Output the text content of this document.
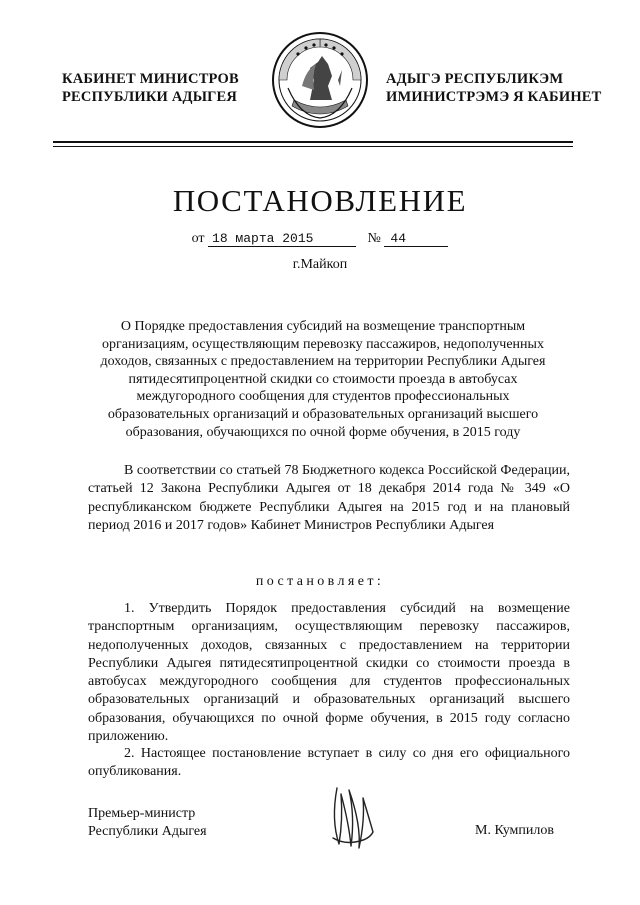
КАБИНЕТ МИНИСТРОВ
РЕСПУБЛИКИ АДЫГЕЯ
АДЫГЭ РЕСПУБЛИКЭМ
ИМИНИСТРЭМЭ Я КАБИНЕТ
ПОСТАНОВЛЕНИЕ
от 18 марта 2015	№ 44
г.Майкоп
О Порядке предоставления субсидий на возмещение транспортным организациям, осуществляющим перевозку пассажиров, недополученных доходов, связанных с предоставлением на территории Республики Адыгея пятидесятипроцентной скидки со стоимости проезда в автобусах междугородного сообщения для студентов профессиональных образовательных организаций и образовательных организаций высшего образования, обучающихся по очной форме обучения, в 2015 году
В соответствии со статьей 78 Бюджетного кодекса Российской Федерации, статьей 12 Закона Республики Адыгея от 18 декабря 2014 года № 349 «О республиканском бюджете Республики Адыгея на 2015 год и на плановый период 2016 и 2017 годов» Кабинет Министров Республики Адыгея
постановляет:
1. Утвердить Порядок предоставления субсидий на возмещение транспортным организациям, осуществляющим перевозку пассажиров, недополученных доходов, связанных с предоставлением на территории Республики Адыгея пятидесятипроцентной скидки со стоимости проезда в автобусах междугородного сообщения для студентов профессиональных образовательных организаций и образовательных организаций высшего образования, обучающихся по очной форме обучения, в 2015 году согласно приложению.
2. Настоящее постановление вступает в силу со дня его официального опубликования.
Премьер-министр
Республики Адыгея	М. Кумпилов
